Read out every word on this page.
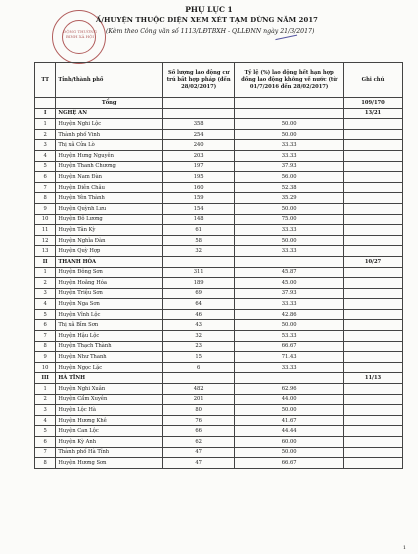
ĐỘNG THƯƠNG BINH XÃ HỘI
PHỤ LỤC 1
Ấ/HUYỆN THUỘC DIỆN XEM XÉT TẠM DỪNG NĂM 2017
(Kèm theo Công văn số 1113/LĐTBXH - QLLĐNN ngày 21/3/2017)
TT	Tỉnh/thành phố	Số lượng lao động cư trú bất hợp pháp (đến 28/02/2017)	Tỷ lệ (%) lao động hết hạn hợp đồng lao động không về nước (từ 01/7/2016 đến 28/02/2017)	Ghi chú
	Tổng			109/170
I	NGHỆ AN			13/21
1	Huyện Nghi Lộc	358	50.00	
2	Thành phố Vinh	254	50.00	
3	Thị xã Cửa Lò	240	33.33	
4	Huyện Hưng Nguyên	203	33.33	
5	Huyện Thanh Chương	197	37.93	
6	Huyện Nam Đàn	195	56.00	
7	Huyện Diễn Châu	160	52.38	
8	Huyện Yên Thành	159	35.29	
9	Huyện Quỳnh Lưu	154	50.00	
10	Huyện Đô Lương	148	75.00	
11	Huyện Tân Kỳ	61	33.33	
12	Huyện Nghĩa Đàn	58	50.00	
13	Huyện Quỳ Hợp	32	33.33	
II	THANH HÓA			10/27
1	Huyện Đông Sơn	311	45.87	
2	Huyện Hoằng Hóa	189	45.00	
3	Huyện Triệu Sơn	69	37.93	
4	Huyện Nga Sơn	64	33.33	
5	Huyện Vĩnh Lộc	46	42.86	
6	Thị xã Bỉm Sơn	43	50.00	
7	Huyện Hậu Lộc	32	53.33	
8	Huyện Thạch Thành	23	66.67	
9	Huyện Như Thanh	15	71.43	
10	Huyện Ngọc Lặc	6	33.33	
III	HÀ TĨNH			11/13
1	Huyện Nghi Xuân	482	62.96	
2	Huyện Cẩm Xuyên	201	44.00	
3	Huyện Lộc Hà	80	50.00	
4	Huyện Hương Khê	76	41.67	
5	Huyện Can Lộc	66	44.44	
6	Huyện Kỳ Anh	62	60.00	
7	Thành phố Hà Tĩnh	47	50.00	
8	Huyện Hương Sơn	47	66.67	
1
